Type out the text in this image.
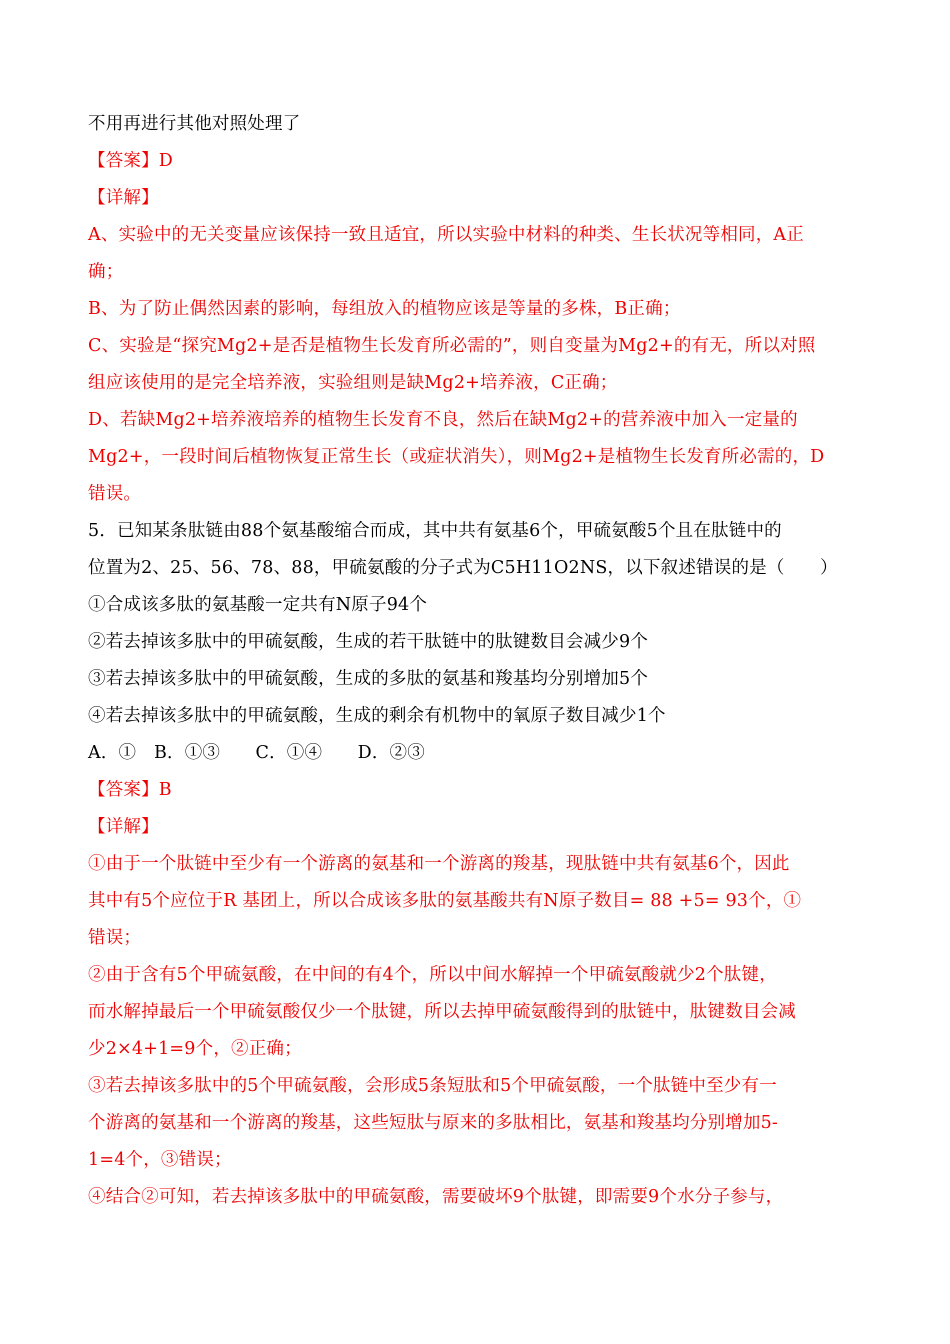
不用再进行其他对照处理了
【答案】D
【详解】
A、实验中的无关变量应该保持一致且适宜，所以实验中材料的种类、生长状况等相同，A正
确；
B、为了防止偶然因素的影响，每组放入的植物应该是等量的多株，B正确；
C、实验是“探究Mg2+是否是植物生长发育所必需的”，则自变量为Mg2+的有无，所以对照
组应该使用的是完全培养液，实验组则是缺Mg2+培养液，C正确；
D、若缺Mg2+培养液培养的植物生长发育不良，然后在缺Mg2+的营养液中加入一定量的
Mg2+，一段时间后植物恢复正常生长（或症状消失），则Mg2+是植物生长发育所必需的，D
错误。
5．已知某条肽链由88个氨基酸缩合而成，其中共有氨基6个，甲硫氨酸5个且在肽链中的
位置为2、25、56、78、88，甲硫氨酸的分子式为C5H11O2NS，以下叙述错误的是（　　）
①合成该多肽的氨基酸一定共有N原子94个
②若去掉该多肽中的甲硫氨酸，生成的若干肽链中的肽键数目会减少9个
③若去掉该多肽中的甲硫氨酸，生成的多肽的氨基和羧基均分别增加5个
④若去掉该多肽中的甲硫氨酸，生成的剩余有机物中的氧原子数目减少1个
A．①　B．①③　　C．①④　　D．②③
【答案】B
【详解】
①由于一个肽链中至少有一个游离的氨基和一个游离的羧基，现肽链中共有氨基6个，因此
其中有5个应位于R 基团上，所以合成该多肽的氨基酸共有N原子数目= 88 +5= 93个，①
错误；
②由于含有5个甲硫氨酸，在中间的有4个，所以中间水解掉一个甲硫氨酸就少2个肽键，
而水解掉最后一个甲硫氨酸仅少一个肽键，所以去掉甲硫氨酸得到的肽链中，肽键数目会减
少2×4+1=9个，②正确；
③若去掉该多肽中的5个甲硫氨酸，会形成5条短肽和5个甲硫氨酸，一个肽链中至少有一
个游离的氨基和一个游离的羧基，这些短肽与原来的多肽相比，氨基和羧基均分别增加5-
1=4个，③错误；
④结合②可知，若去掉该多肽中的甲硫氨酸，需要破坏9个肽键，即需要9个水分子参与，
